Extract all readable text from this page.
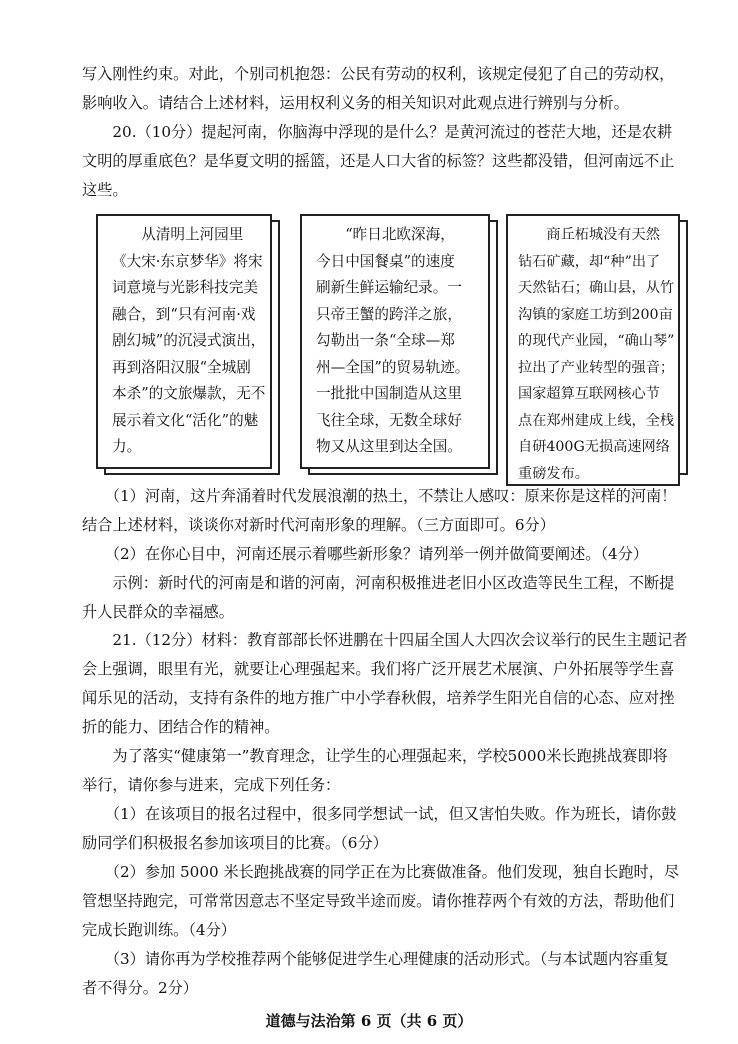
写入刚性约束。对此，个别司机抱怨：公民有劳动的权利，该规定侵犯了自己的劳动权，
影响收入。请结合上述材料，运用权利义务的相关知识对此观点进行辨别与分析。
　　20.（10分）提起河南，你脑海中浮现的是什么？是黄河流过的苍茫大地，还是农耕
文明的厚重底色？是华夏文明的摇篮，还是人口大省的标签？这些都没错，但河南远不止
这些。
　　从清明上河园里
《大宋·东京梦华》将宋
词意境与光影科技完美
融合，到“只有河南·戏
剧幻城”的沉浸式演出，
再到洛阳汉服“全城剧
本杀”的文旅爆款，无不
展示着文化“活化”的魅
力。
　　“昨日北欧深海，
今日中国餐桌”的速度
刷新生鲜运输纪录。一
只帝王蟹的跨洋之旅，
勾勒出一条“全球—郑
州—全国”的贸易轨迹。
一批批中国制造从这里
飞往全球，无数全球好
物又从这里到达全国。
　　商丘柘城没有天然
钻石矿藏，却“种”出了
天然钻石；确山县，从竹
沟镇的家庭工坊到200亩
的现代产业园，“确山琴”
拉出了产业转型的强音；
国家超算互联网核心节
点在郑州建成上线，全栈
自研400G无损高速网络
重磅发布。
　　（1）河南，这片奔涌着时代发展浪潮的热土，不禁让人感叹：原来你是这样的河南！
结合上述材料，谈谈你对新时代河南形象的理解。（三方面即可。6分）
　　（2）在你心目中，河南还展示着哪些新形象？请列举一例并做简要阐述。（4分）
　　示例：新时代的河南是和谐的河南，河南积极推进老旧小区改造等民生工程，不断提
升人民群众的幸福感。
　　21.（12分）材料：教育部部长怀进鹏在十四届全国人大四次会议举行的民生主题记者
会上强调，眼里有光，就要让心理强起来。我们将广泛开展艺术展演、户外拓展等学生喜
闻乐见的活动，支持有条件的地方推广中小学春秋假，培养学生阳光自信的心态、应对挫
折的能力、团结合作的精神。
　　为了落实“健康第一”教育理念，让学生的心理强起来，学校5000米长跑挑战赛即将
举行，请你参与进来，完成下列任务：
　　（1）在该项目的报名过程中，很多同学想试一试，但又害怕失败。作为班长，请你鼓
励同学们积极报名参加该项目的比赛。（6分）
　　（2）参加 5000 米长跑挑战赛的同学正在为比赛做准备。他们发现，独自长跑时，尽
管想坚持跑完，可常常因意志不坚定导致半途而废。请你推荐两个有效的方法，帮助他们
完成长跑训练。（4分）
　　（3）请你再为学校推荐两个能够促进学生心理健康的活动形式。（与本试题内容重复
者不得分。2分）
道德与法治第 6 页（共 6 页）
